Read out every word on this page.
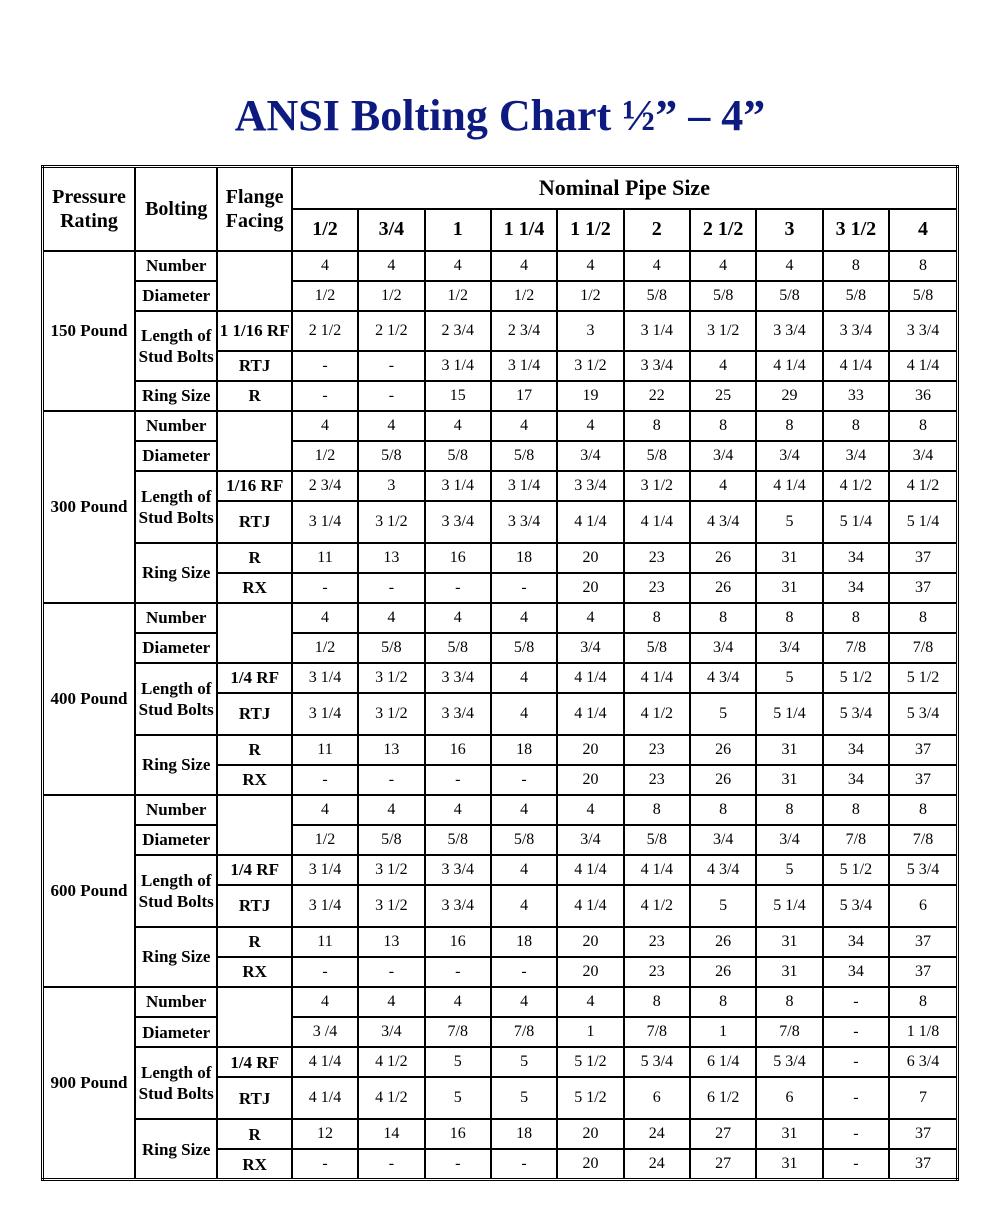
ANSI Bolting Chart ½” – 4”
Pressure Rating	Bolting	Flange Facing	Nominal Pipe Size									
			1/2	3/4	1	1 1/4	1 1/2	2	2 1/2	3	3 1/2	4
150 Pound	Number		4	4	4	4	4	4	4	4	8	8
	Diameter		1/2	1/2	1/2	1/2	1/2	5/8	5/8	5/8	5/8	5/8
	Length of Stud Bolts	1 1/16 RF	2 1/2	2 1/2	2 3/4	2 3/4	3	3 1/4	3 1/2	3 3/4	3 3/4	3 3/4
		RTJ	-	-	3 1/4	3 1/4	3 1/2	3 3/4	4	4 1/4	4 1/4	4 1/4
	Ring Size	R	-	-	15	17	19	22	25	29	33	36
300 Pound	Number		4	4	4	4	4	8	8	8	8	8
	Diameter		1/2	5/8	5/8	5/8	3/4	5/8	3/4	3/4	3/4	3/4
	Length of Stud Bolts	1/16 RF	2 3/4	3	3 1/4	3 1/4	3 3/4	3 1/2	4	4 1/4	4 1/2	4 1/2
		RTJ	3 1/4	3 1/2	3 3/4	3 3/4	4 1/4	4 1/4	4 3/4	5	5 1/4	5 1/4
	Ring Size	R	11	13	16	18	20	23	26	31	34	37
		RX	-	-	-	-	20	23	26	31	34	37
400 Pound	Number		4	4	4	4	4	8	8	8	8	8
	Diameter		1/2	5/8	5/8	5/8	3/4	5/8	3/4	3/4	7/8	7/8
	Length of Stud Bolts	1/4 RF	3 1/4	3 1/2	3 3/4	4	4 1/4	4 1/4	4 3/4	5	5 1/2	5 1/2
		RTJ	3 1/4	3 1/2	3 3/4	4	4 1/4	4 1/2	5	5 1/4	5 3/4	5 3/4
	Ring Size	R	11	13	16	18	20	23	26	31	34	37
		RX	-	-	-	-	20	23	26	31	34	37
600 Pound	Number		4	4	4	4	4	8	8	8	8	8
	Diameter		1/2	5/8	5/8	5/8	3/4	5/8	3/4	3/4	7/8	7/8
	Length of Stud Bolts	1/4 RF	3 1/4	3 1/2	3 3/4	4	4 1/4	4 1/4	4 3/4	5	5 1/2	5 3/4
		RTJ	3 1/4	3 1/2	3 3/4	4	4 1/4	4 1/2	5	5 1/4	5 3/4	6
	Ring Size	R	11	13	16	18	20	23	26	31	34	37
		RX	-	-	-	-	20	23	26	31	34	37
900 Pound	Number		4	4	4	4	4	8	8	8	-	8
	Diameter		3 /4	3/4	7/8	7/8	1	7/8	1	7/8	-	1 1/8
	Length of Stud Bolts	1/4 RF	4 1/4	4 1/2	5	5	5 1/2	5 3/4	6 1/4	5 3/4	-	6 3/4
		RTJ	4 1/4	4 1/2	5	5	5 1/2	6	6 1/2	6	-	7
	Ring Size	R	12	14	16	18	20	24	27	31	-	37
		RX	-	-	-	-	20	24	27	31	-	37
